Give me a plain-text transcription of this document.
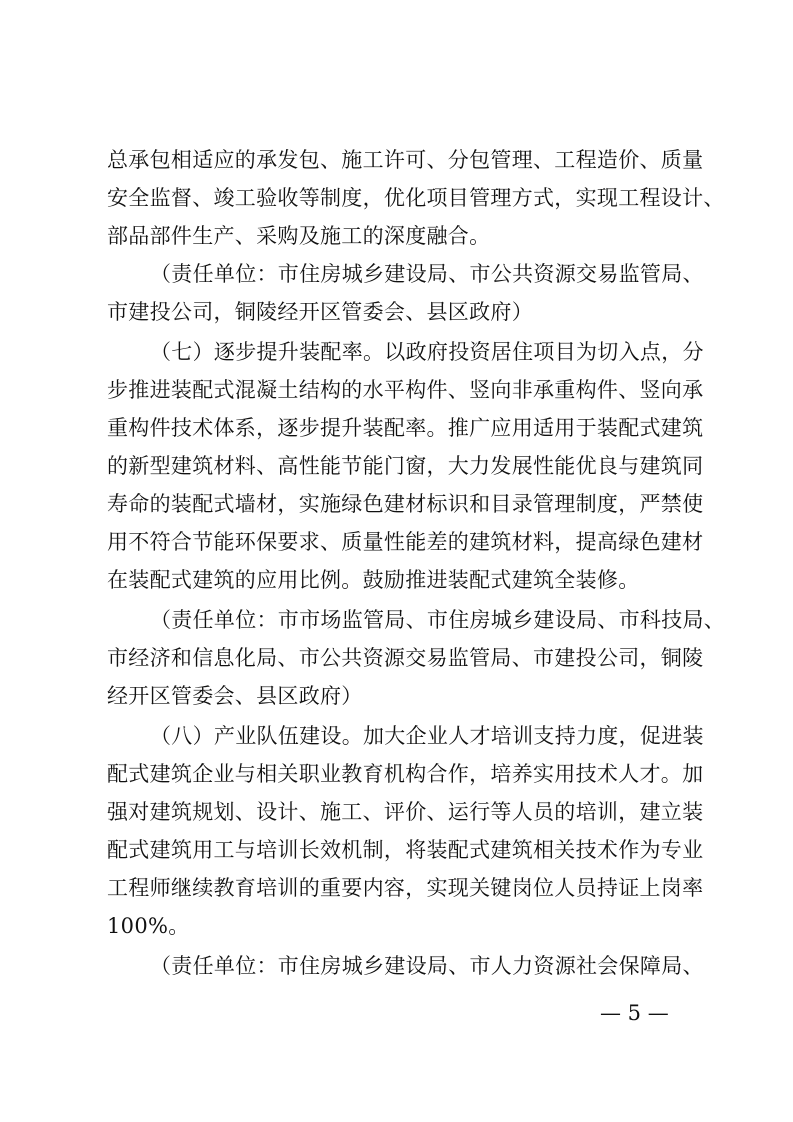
总承包相适应的承发包、施工许可、分包管理、工程造价、质量
安全监督、竣工验收等制度，优化项目管理方式，实现工程设计、
部品部件生产、采购及施工的深度融合。
（责任单位：市住房城乡建设局、市公共资源交易监管局、
市建投公司，铜陵经开区管委会、县区政府）
（七）逐步提升装配率。以政府投资居住项目为切入点，分
步推进装配式混凝土结构的水平构件、竖向非承重构件、竖向承
重构件技术体系，逐步提升装配率。推广应用适用于装配式建筑
的新型建筑材料、高性能节能门窗，大力发展性能优良与建筑同
寿命的装配式墙材，实施绿色建材标识和目录管理制度，严禁使
用不符合节能环保要求、质量性能差的建筑材料，提高绿色建材
在装配式建筑的应用比例。鼓励推进装配式建筑全装修。
（责任单位：市市场监管局、市住房城乡建设局、市科技局、
市经济和信息化局、市公共资源交易监管局、市建投公司，铜陵
经开区管委会、县区政府）
（八）产业队伍建设。加大企业人才培训支持力度，促进装
配式建筑企业与相关职业教育机构合作，培养实用技术人才。加
强对建筑规划、设计、施工、评价、运行等人员的培训，建立装
配式建筑用工与培训长效机制，将装配式建筑相关技术作为专业
工程师继续教育培训的重要内容，实现关键岗位人员持证上岗率
100%。
（责任单位：市住房城乡建设局、市人力资源社会保障局、
— 5 —
